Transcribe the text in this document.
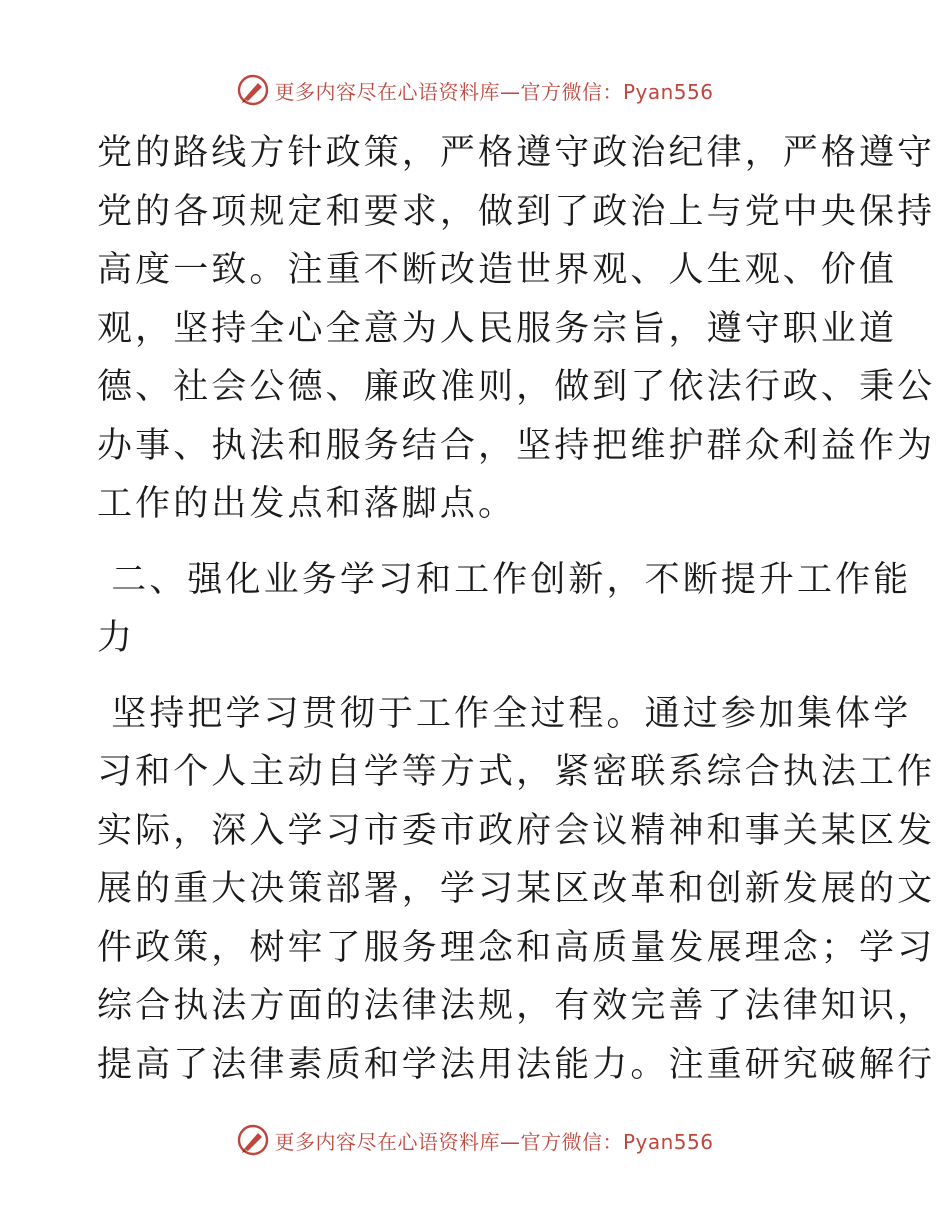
更多内容尽在心语资料库—官方微信：Pyan556
党的路线方针政策，严格遵守政治纪律，严格遵守
党的各项规定和要求，做到了政治上与党中央保持
高度一致。注重不断改造世界观、人生观、价值
观，坚持全心全意为人民服务宗旨，遵守职业道
德、社会公德、廉政准则，做到了依法行政、秉公
办事、执法和服务结合，坚持把维护群众利益作为
工作的出发点和落脚点。
二、强化业务学习和工作创新，不断提升工作能
力
坚持把学习贯彻于工作全过程。通过参加集体学
习和个人主动自学等方式，紧密联系综合执法工作
实际，深入学习市委市政府会议精神和事关某区发
展的重大决策部署，学习某区改革和创新发展的文
件政策，树牢了服务理念和高质量发展理念；学习
综合执法方面的法律法规，有效完善了法律知识，
提高了法律素质和学法用法能力。注重研究破解行
更多内容尽在心语资料库—官方微信：Pyan556
